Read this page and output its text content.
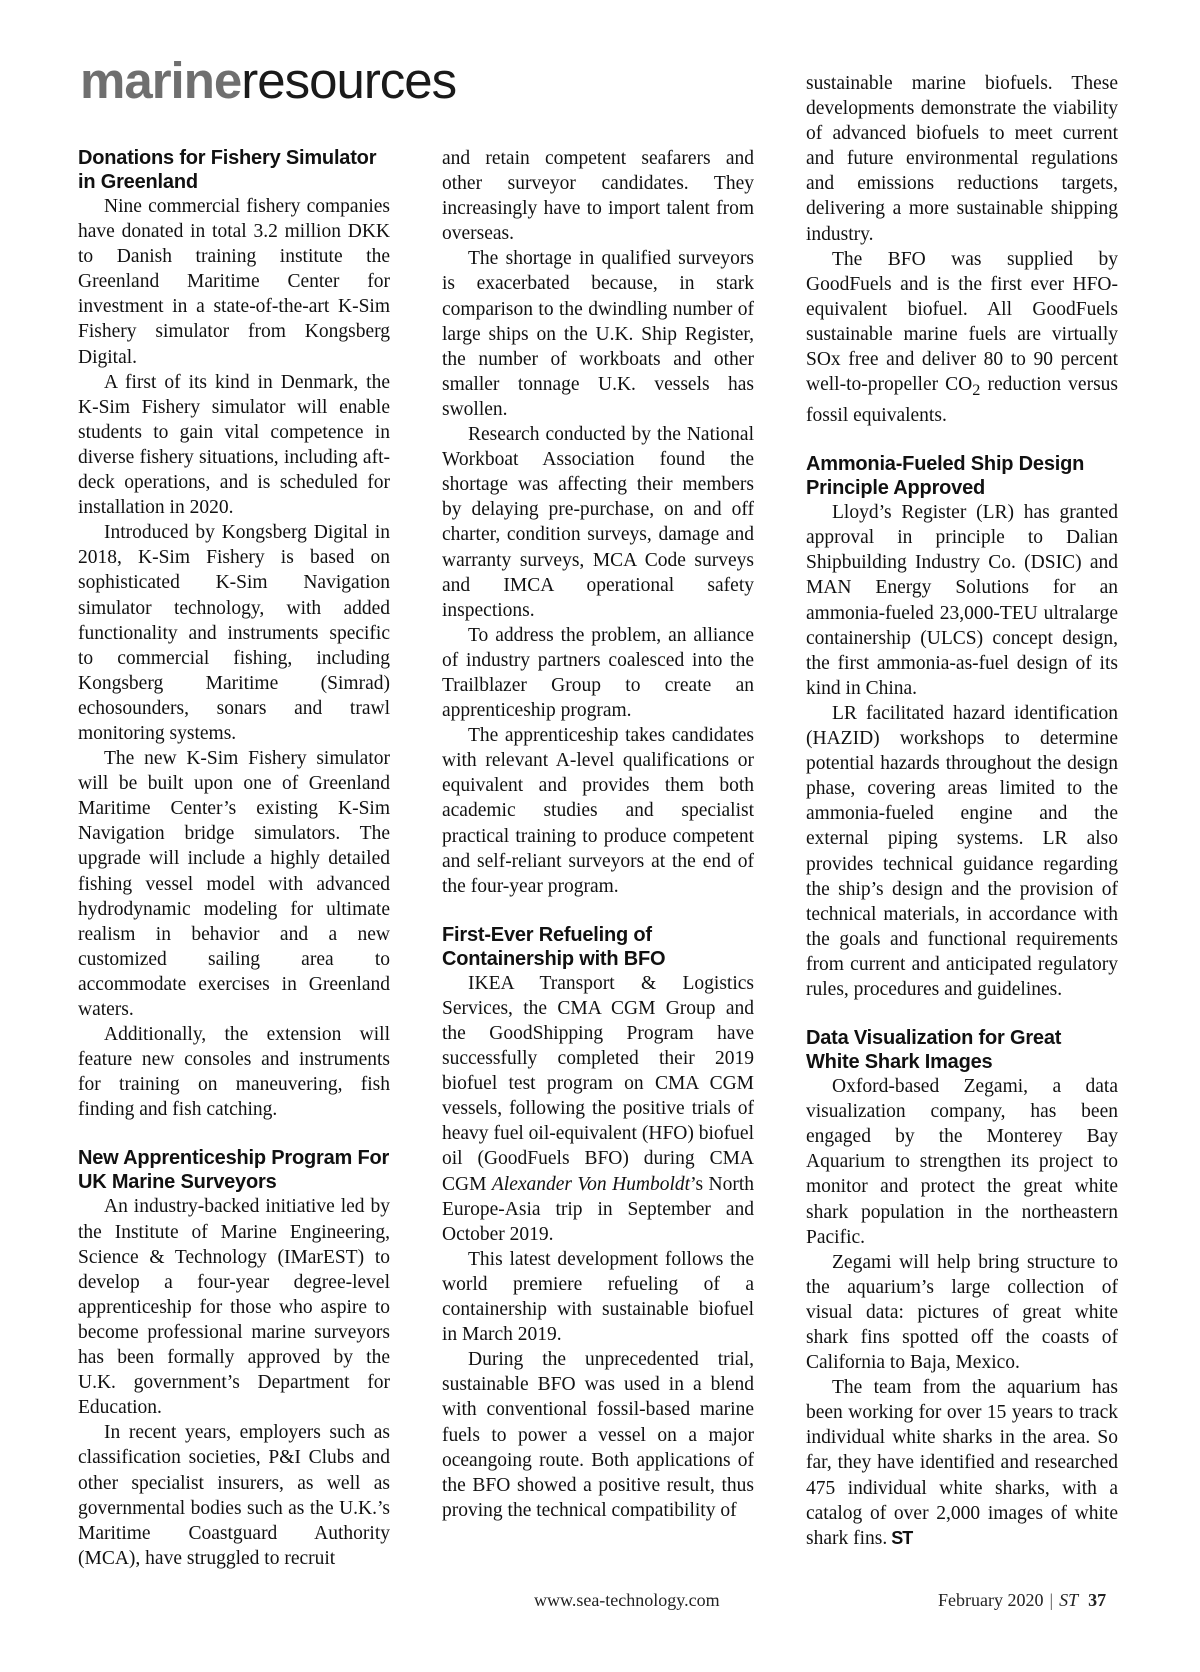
marineresources
Donations for Fishery Simulator in Greenland

Nine commercial fishery companies have donated in total 3.2 million DKK to Danish training institute the Greenland Maritime Center for investment in a state-of-the-art K-Sim Fishery simulator from Kongsberg Digital.

A first of its kind in Denmark, the K-Sim Fishery simulator will enable students to gain vital competence in diverse fishery situations, including aft-deck operations, and is scheduled for installation in 2020.

Introduced by Kongsberg Digital in 2018, K-Sim Fishery is based on sophisticated K-Sim Navigation simulator technology, with added functionality and instruments specific to commercial fishing, including Kongsberg Maritime (Simrad) echosounders, sonars and trawl monitoring systems.

The new K-Sim Fishery simulator will be built upon one of Greenland Maritime Center’s existing K-Sim Navigation bridge simulators. The upgrade will include a highly detailed fishing vessel model with advanced hydrodynamic modeling for ultimate realism in behavior and a new customized sailing area to accommodate exercises in Greenland waters.

Additionally, the extension will feature new consoles and instruments for training on maneuvering, fish finding and fish catching.

New Apprenticeship Program For UK Marine Surveyors

An industry-backed initiative led by the Institute of Marine Engineering, Science & Technology (IMarEST) to develop a four-year degree-level apprenticeship for those who aspire to become professional marine surveyors has been formally approved by the U.K. government’s Department for Education.

In recent years, employers such as classification societies, P&I Clubs and other specialist insurers, as well as governmental bodies such as the U.K.’s Maritime Coastguard Authority (MCA), have struggled to recruit

and retain competent seafarers and other surveyor candidates. They increasingly have to import talent from overseas.

The shortage in qualified surveyors is exacerbated because, in stark comparison to the dwindling number of large ships on the U.K. Ship Register, the number of workboats and other smaller tonnage U.K. vessels has swollen.

Research conducted by the National Workboat Association found the shortage was affecting their members by delaying pre-purchase, on and off charter, condition surveys, damage and warranty surveys, MCA Code surveys and IMCA operational safety inspections.

To address the problem, an alliance of industry partners coalesced into the Trailblazer Group to create an apprenticeship program.

The apprenticeship takes candidates with relevant A-level qualifications or equivalent and provides them both academic studies and specialist practical training to produce competent and self-reliant surveyors at the end of the four-year program.

First-Ever Refueling of Containership with BFO

IKEA Transport & Logistics Services, the CMA CGM Group and the GoodShipping Program have successfully completed their 2019 biofuel test program on CMA CGM vessels, following the positive trials of heavy fuel oil-equivalent (HFO) biofuel oil (GoodFuels BFO) during CMA CGM Alexander Von Humboldt’s North Europe-Asia trip in September and October 2019.

This latest development follows the world premiere refueling of a containership with sustainable biofuel in March 2019.

During the unprecedented trial, sustainable BFO was used in a blend with conventional fossil-based marine fuels to power a vessel on a major oceangoing route. Both applications of the BFO showed a positive result, thus proving the technical compatibility of

sustainable marine biofuels. These developments demonstrate the viability of advanced biofuels to meet current and future environmental regulations and emissions reductions targets, delivering a more sustainable shipping industry.

The BFO was supplied by GoodFuels and is the first ever HFO-equivalent biofuel. All GoodFuels sustainable marine fuels are virtually SOx free and deliver 80 to 90 percent well-to-propeller $CO_2$ reduction versus fossil equivalents.

Ammonia-Fueled Ship Design Principle Approved

Lloyd’s Register (LR) has granted approval in principle to Dalian Shipbuilding Industry Co. (DSIC) and MAN Energy Solutions for an ammonia-fueled 23,000-TEU ultralarge containership (ULCS) concept design, the first ammonia-as-fuel design of its kind in China.

LR facilitated hazard identification (HAZID) workshops to determine potential hazards throughout the design phase, covering areas limited to the ammonia-fueled engine and the external piping systems. LR also provides technical guidance regarding the ship’s design and the provision of technical materials, in accordance with the goals and functional requirements from current and anticipated regulatory rules, procedures and guidelines.

Data Visualization for Great White Shark Images

Oxford-based Zegami, a data visualization company, has been engaged by the Monterey Bay Aquarium to strengthen its project to monitor and protect the great white shark population in the northeastern Pacific.

Zegami will help bring structure to the aquarium’s large collection of visual data: pictures of great white shark fins spotted off the coasts of California to Baja, Mexico.

The team from the aquarium has been working for over 15 years to track individual white sharks in the area. So far, they have identified and researched 475 individual white sharks, with a catalog of over 2,000 images of white shark fins. ST

www.sea-technology.com	February 2020 | ST 37
